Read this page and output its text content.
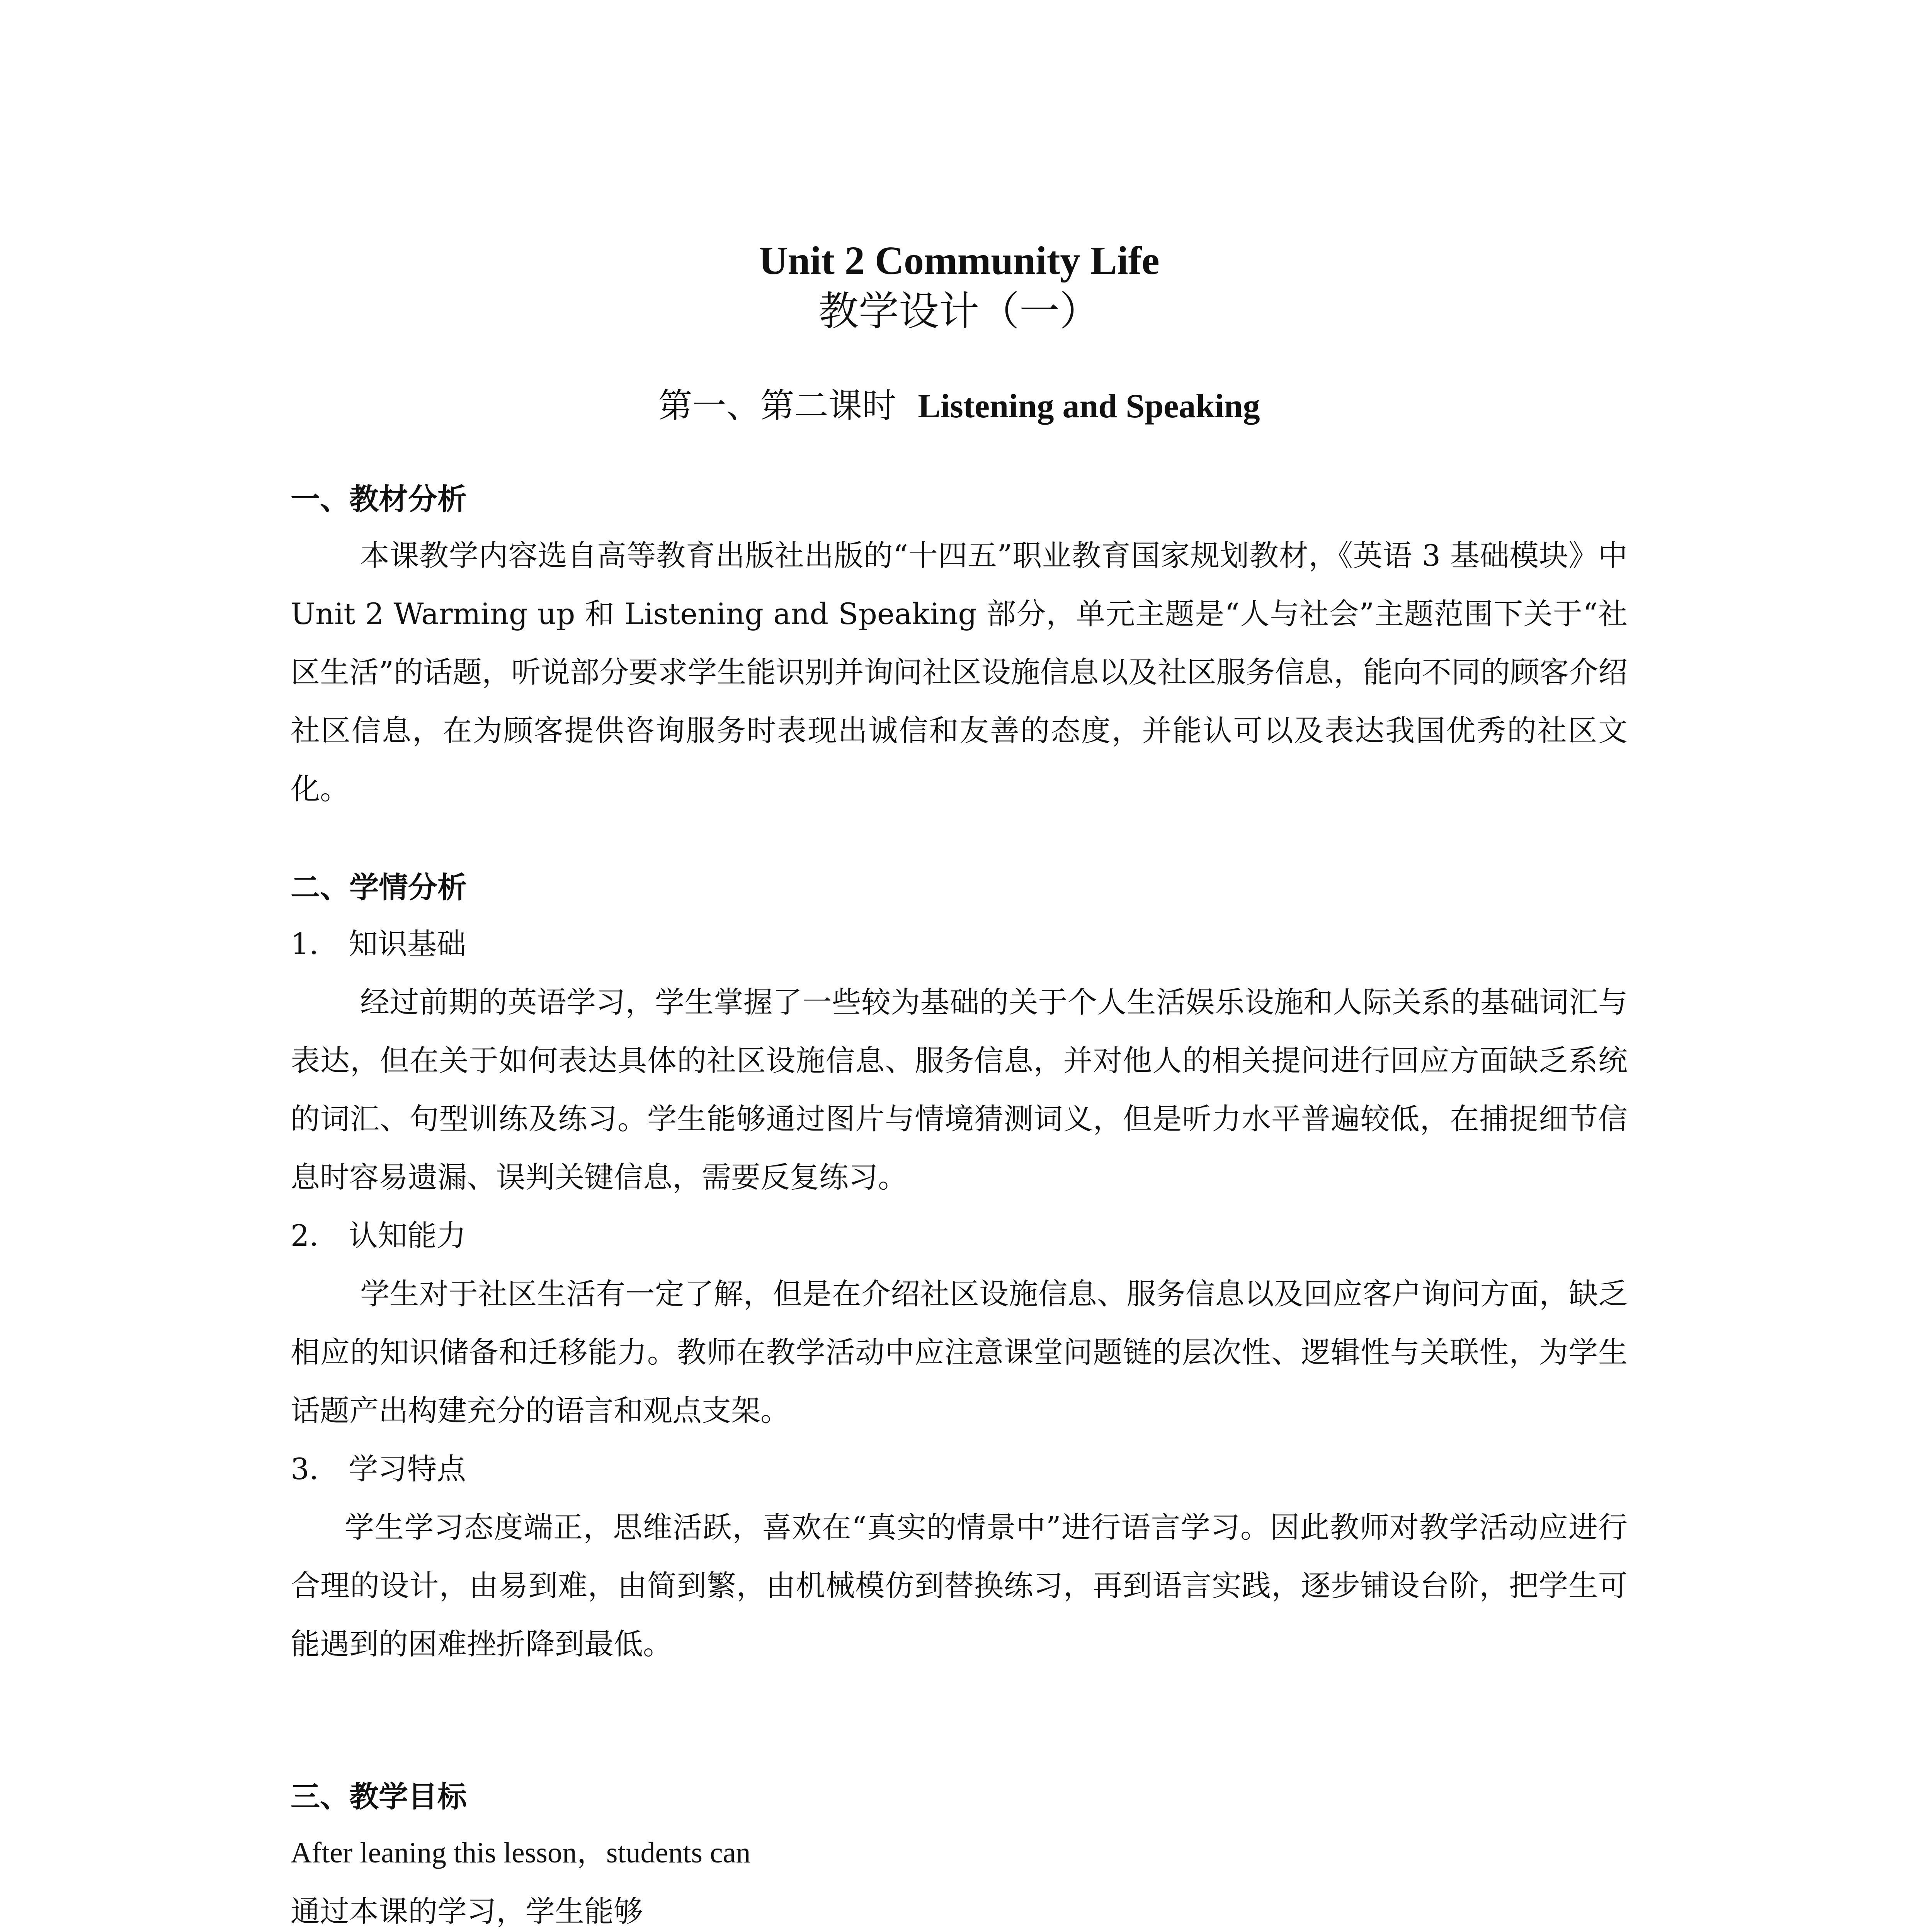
Unit 2 Community Life

教学设计（一）

第一、第二课时 Listening and Speaking

一、教材分析

本课教学内容选自高等教育出版社出版的“十四五”职业教育国家规划教材，《英语 3 基础模块》中 Unit 2 Warming up 和 Listening and Speaking 部分，单元主题是“人与社会”主题范围下关于“社区生活”的话题，听说部分要求学生能识别并询问社区设施信息以及社区服务信息，能向不同的顾客介绍社区信息，在为顾客提供咨询服务时表现出诚信和友善的态度，并能认可以及表达我国优秀的社区文化。

二、学情分析

1. 知识基础

经过前期的英语学习，学生掌握了一些较为基础的关于个人生活娱乐设施和人际关系的基础词汇与表达，但在关于如何表达具体的社区设施信息、服务信息，并对他人的相关提问进行回应方面缺乏系统的词汇、句型训练及练习。学生能够通过图片与情境猜测词义，但是听力水平普遍较低，在捕捉细节信息时容易遗漏、误判关键信息，需要反复练习。

2. 认知能力

学生对于社区生活有一定了解，但是在介绍社区设施信息、服务信息以及回应客户询问方面，缺乏相应的知识储备和迁移能力。教师在教学活动中应注意课堂问题链的层次性、逻辑性与关联性，为学生话题产出构建充分的语言和观点支架。

3. 学习特点

学生学习态度端正，思维活跃，喜欢在“真实的情景中”进行语言学习。因此教师对教学活动应进行合理的设计，由易到难，由简到繁，由机械模仿到替换练习，再到语言实践，逐步铺设台阶，把学生可能遇到的困难挫折降到最低。

三、教学目标

After leaning this lesson，students can

通过本课的学习，学生能够
